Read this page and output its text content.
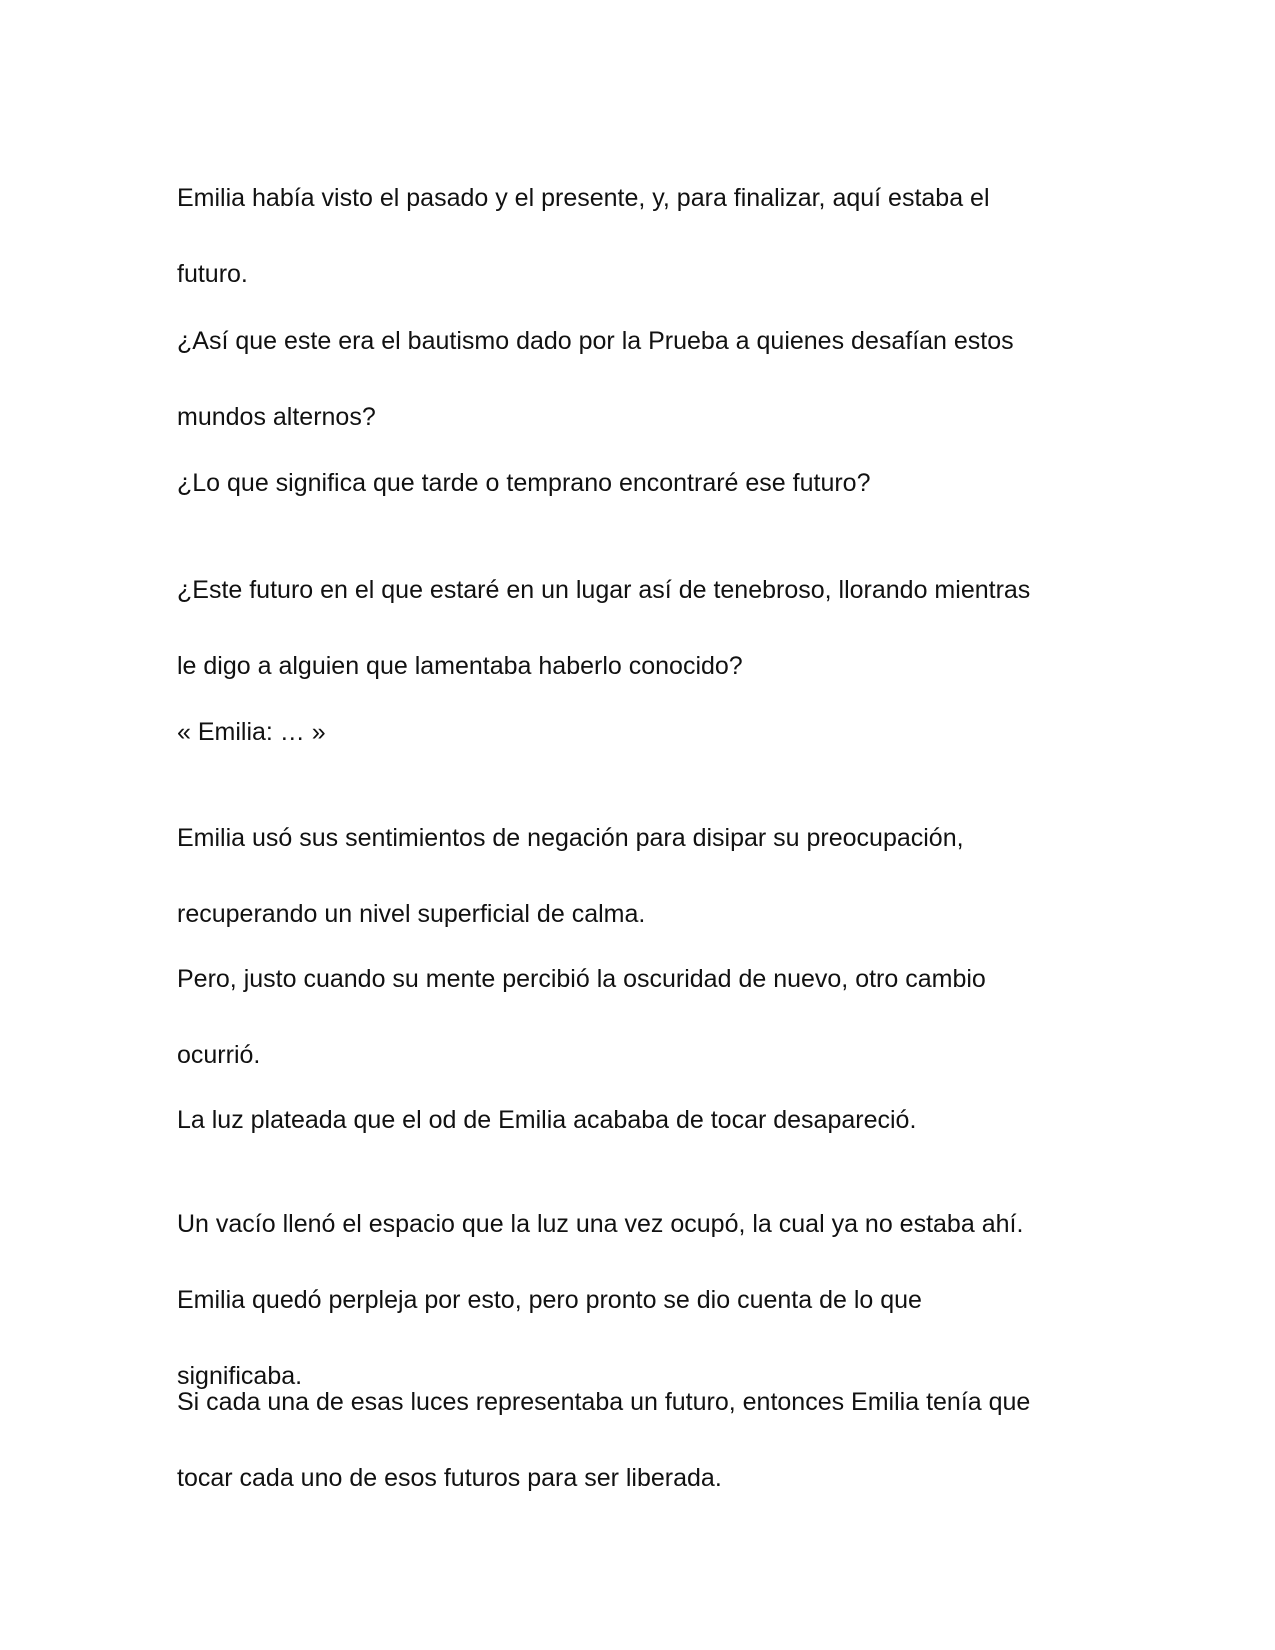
Emilia había visto el pasado y el presente, y, para finalizar, aquí estaba el

futuro.

¿Así que este era el bautismo dado por la Prueba a quienes desafían estos

mundos alternos?

¿Lo que significa que tarde o temprano encontraré ese futuro?

¿Este futuro en el que estaré en un lugar así de tenebroso, llorando mientras

le digo a alguien que lamentaba haberlo conocido?

« Emilia: … »

Emilia usó sus sentimientos de negación para disipar su preocupación,

recuperando un nivel superficial de calma.

Pero, justo cuando su mente percibió la oscuridad de nuevo, otro cambio

ocurrió.

La luz plateada que el od de Emilia acababa de tocar desapareció.

Un vacío llenó el espacio que la luz una vez ocupó, la cual ya no estaba ahí.

Emilia quedó perpleja por esto, pero pronto se dio cuenta de lo que

significaba.

Si cada una de esas luces representaba un futuro, entonces Emilia tenía que

tocar cada uno de esos futuros para ser liberada.
